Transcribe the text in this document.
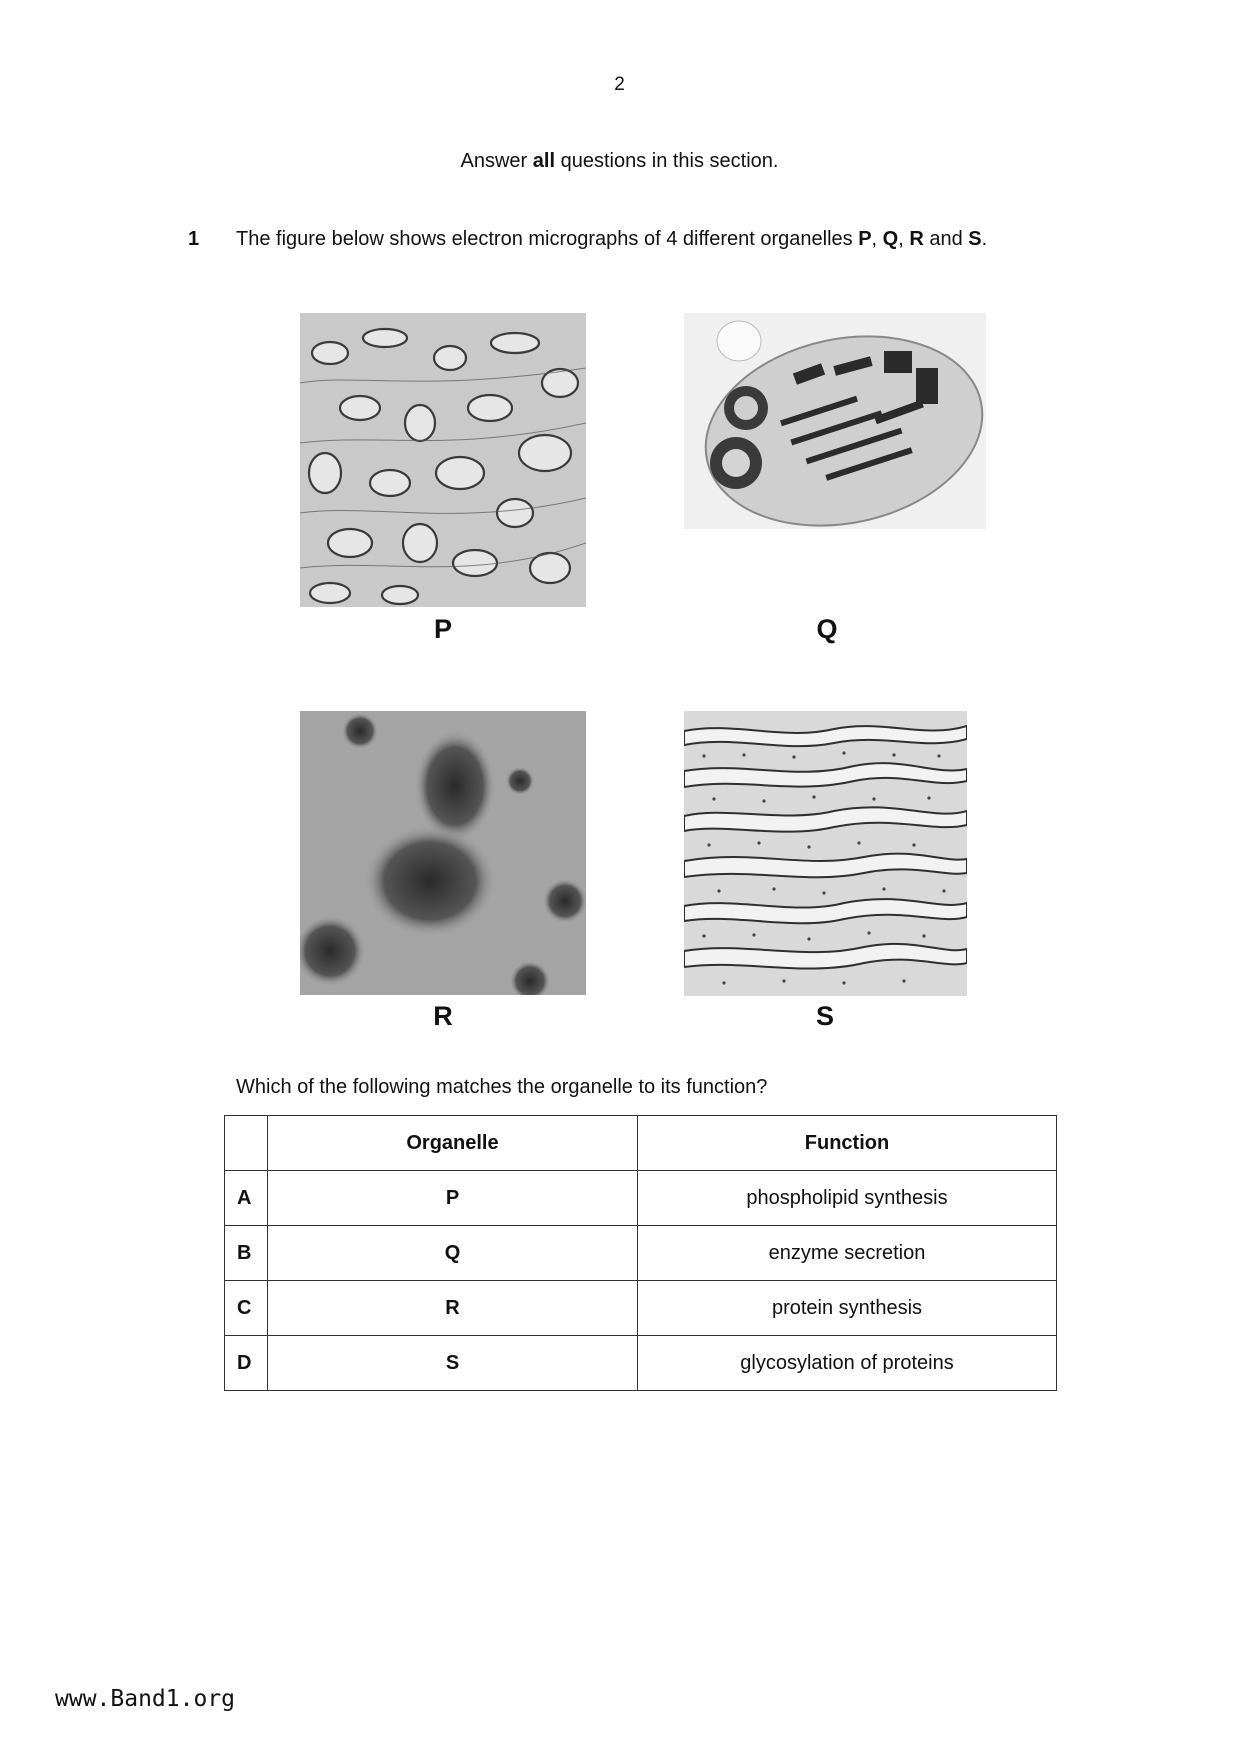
2
Answer all questions in this section.
1 The figure below shows electron micrographs of 4 different organelles P, Q, R and S.
P	Q
R	S
Which of the following matches the organelle to its function?
	Organelle	Function
A	P	phospholipid synthesis
B	Q	enzyme secretion
C	R	protein synthesis
D	S	glycosylation of proteins
www.Band1.org
